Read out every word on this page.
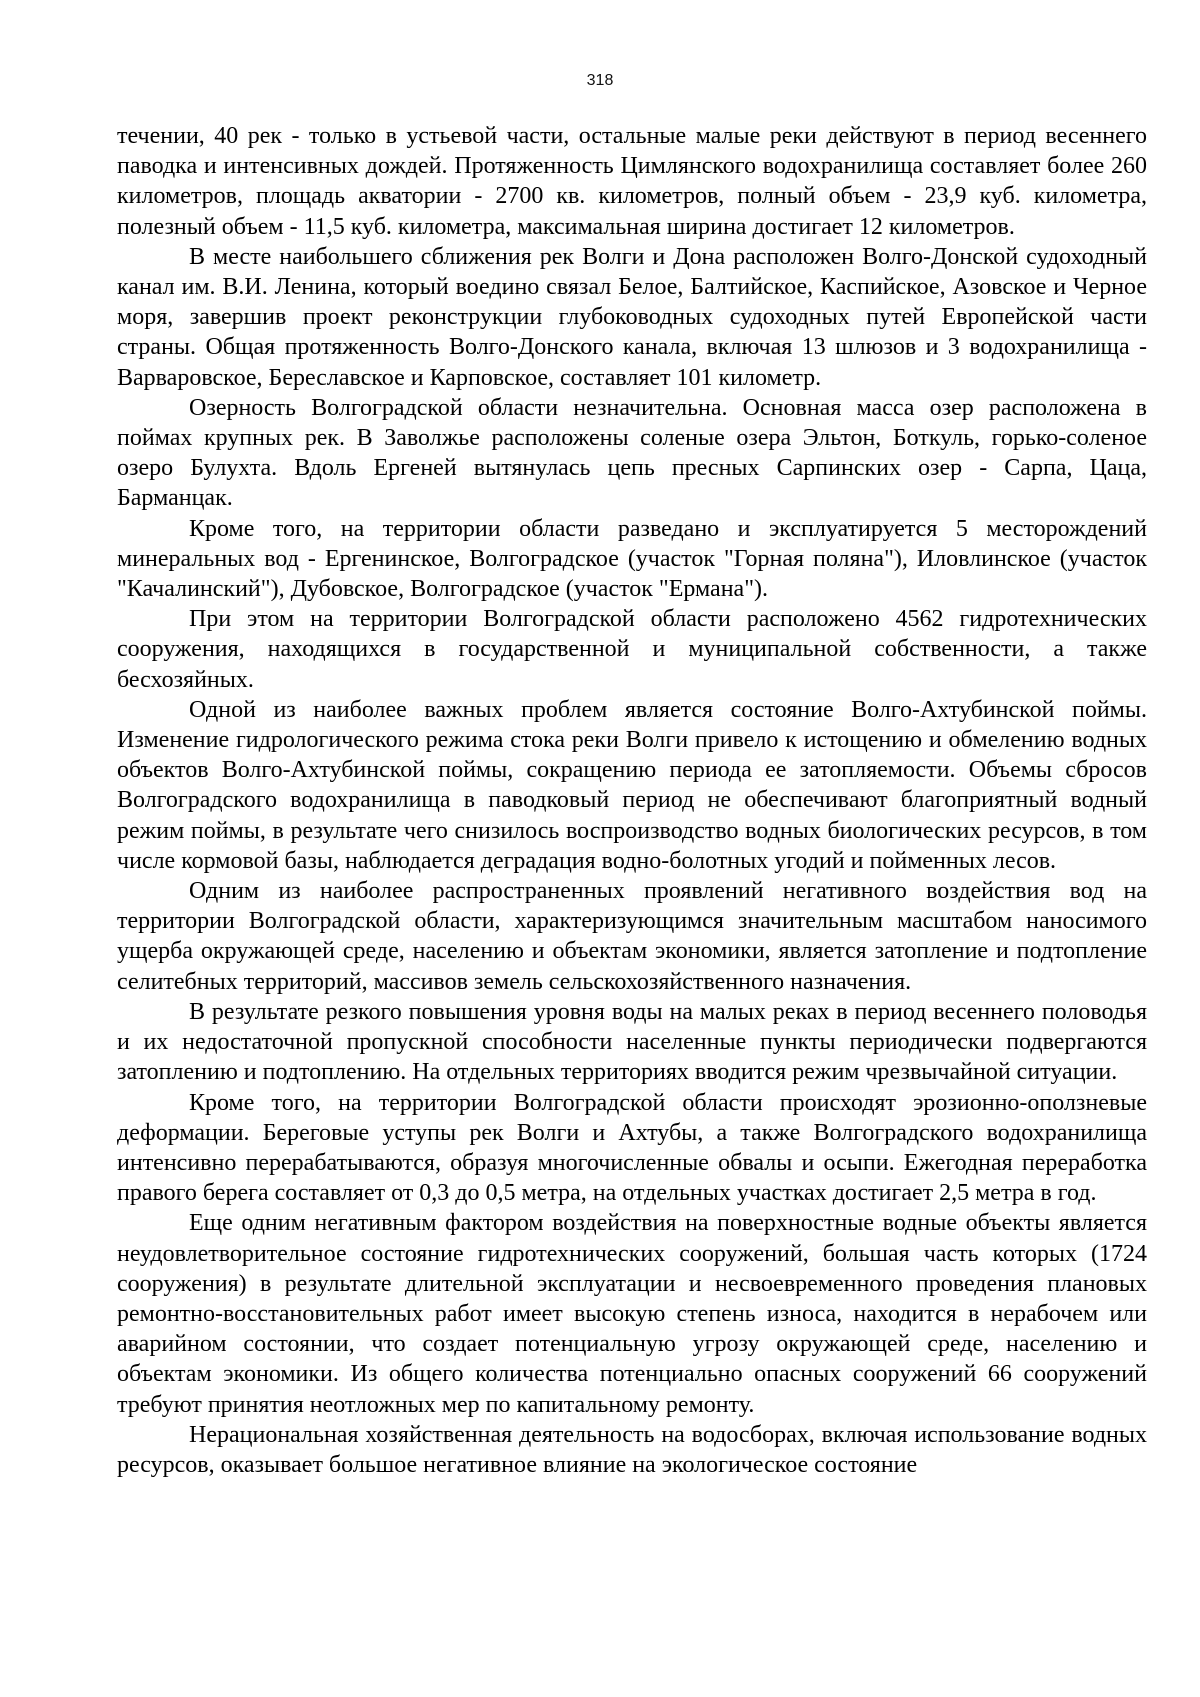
318

течении, 40 рек - только в устьевой части, остальные малые реки действуют в период весеннего паводка и интенсивных дождей. Протяженность Цимлянского водохранилища составляет более 260 километров, площадь акватории - 2700 кв. километров, полный объем - 23,9 куб. километра, полезный объем - 11,5 куб. километра, максимальная ширина достигает 12 километров.

В месте наибольшего сближения рек Волги и Дона расположен Волго-Донской судоходный канал им. В.И. Ленина, который воедино связал Белое, Балтийское, Каспийское, Азовское и Черное моря, завершив проект реконструкции глубоководных судоходных путей Европейской части страны. Общая протяженность Волго-Донского канала, включая 13 шлюзов и 3 водохранилища - Варваровское, Береславское и Карповское, составляет 101 километр.

Озерность Волгоградской области незначительна. Основная масса озер расположена в поймах крупных рек. В Заволжье расположены соленые озера Эльтон, Боткуль, горько-соленое озеро Булухта. Вдоль Ергеней вытянулась цепь пресных Сарпинских озер - Сарпа, Цаца, Барманцак.

Кроме того, на территории области разведано и эксплуатируется 5 месторождений минеральных вод - Ергенинское, Волгоградское (участок "Горная поляна"), Иловлинское (участок "Качалинский"), Дубовское, Волгоградское (участок "Ермана").

При этом на территории Волгоградской области расположено 4562 гидротехнических сооружения, находящихся в государственной и муниципальной собственности, а также бесхозяйных.

Одной из наиболее важных проблем является состояние Волго-Ахтубинской поймы. Изменение гидрологического режима стока реки Волги привело к истощению и обмелению водных объектов Волго-Ахтубинской поймы, сокращению периода ее затопляемости. Объемы сбросов Волгоградского водохранилища в паводковый период не обеспечивают благоприятный водный режим поймы, в результате чего снизилось воспроизводство водных биологических ресурсов, в том числе кормовой базы, наблюдается деградация водно-болотных угодий и пойменных лесов.

Одним из наиболее распространенных проявлений негативного воздействия вод на территории Волгоградской области, характеризующимся значительным масштабом наносимого ущерба окружающей среде, населению и объектам экономики, является затопление и подтопление селитебных территорий, массивов земель сельскохозяйственного назначения.

В результате резкого повышения уровня воды на малых реках в период весеннего половодья и их недостаточной пропускной способности населенные пункты периодически подвергаются затоплению и подтоплению. На отдельных территориях вводится режим чрезвычайной ситуации.

Кроме того, на территории Волгоградской области происходят эрозионно-оползневые деформации. Береговые уступы рек Волги и Ахтубы, а также Волгоградского водохранилища интенсивно перерабатываются, образуя многочисленные обвалы и осыпи. Ежегодная переработка правого берега составляет от 0,3 до 0,5 метра, на отдельных участках достигает 2,5 метра в год.

Еще одним негативным фактором воздействия на поверхностные водные объекты является неудовлетворительное состояние гидротехнических сооружений, большая часть которых (1724 сооружения) в результате длительной эксплуатации и несвоевременного проведения плановых ремонтно-восстановительных работ имеет высокую степень износа, находится в нерабочем или аварийном состоянии, что создает потенциальную угрозу окружающей среде, населению и объектам экономики. Из общего количества потенциально опасных сооружений 66 сооружений требуют принятия неотложных мер по капитальному ремонту.

Нерациональная хозяйственная деятельность на водосборах, включая использование водных ресурсов, оказывает большое негативное влияние на экологическое состояние
